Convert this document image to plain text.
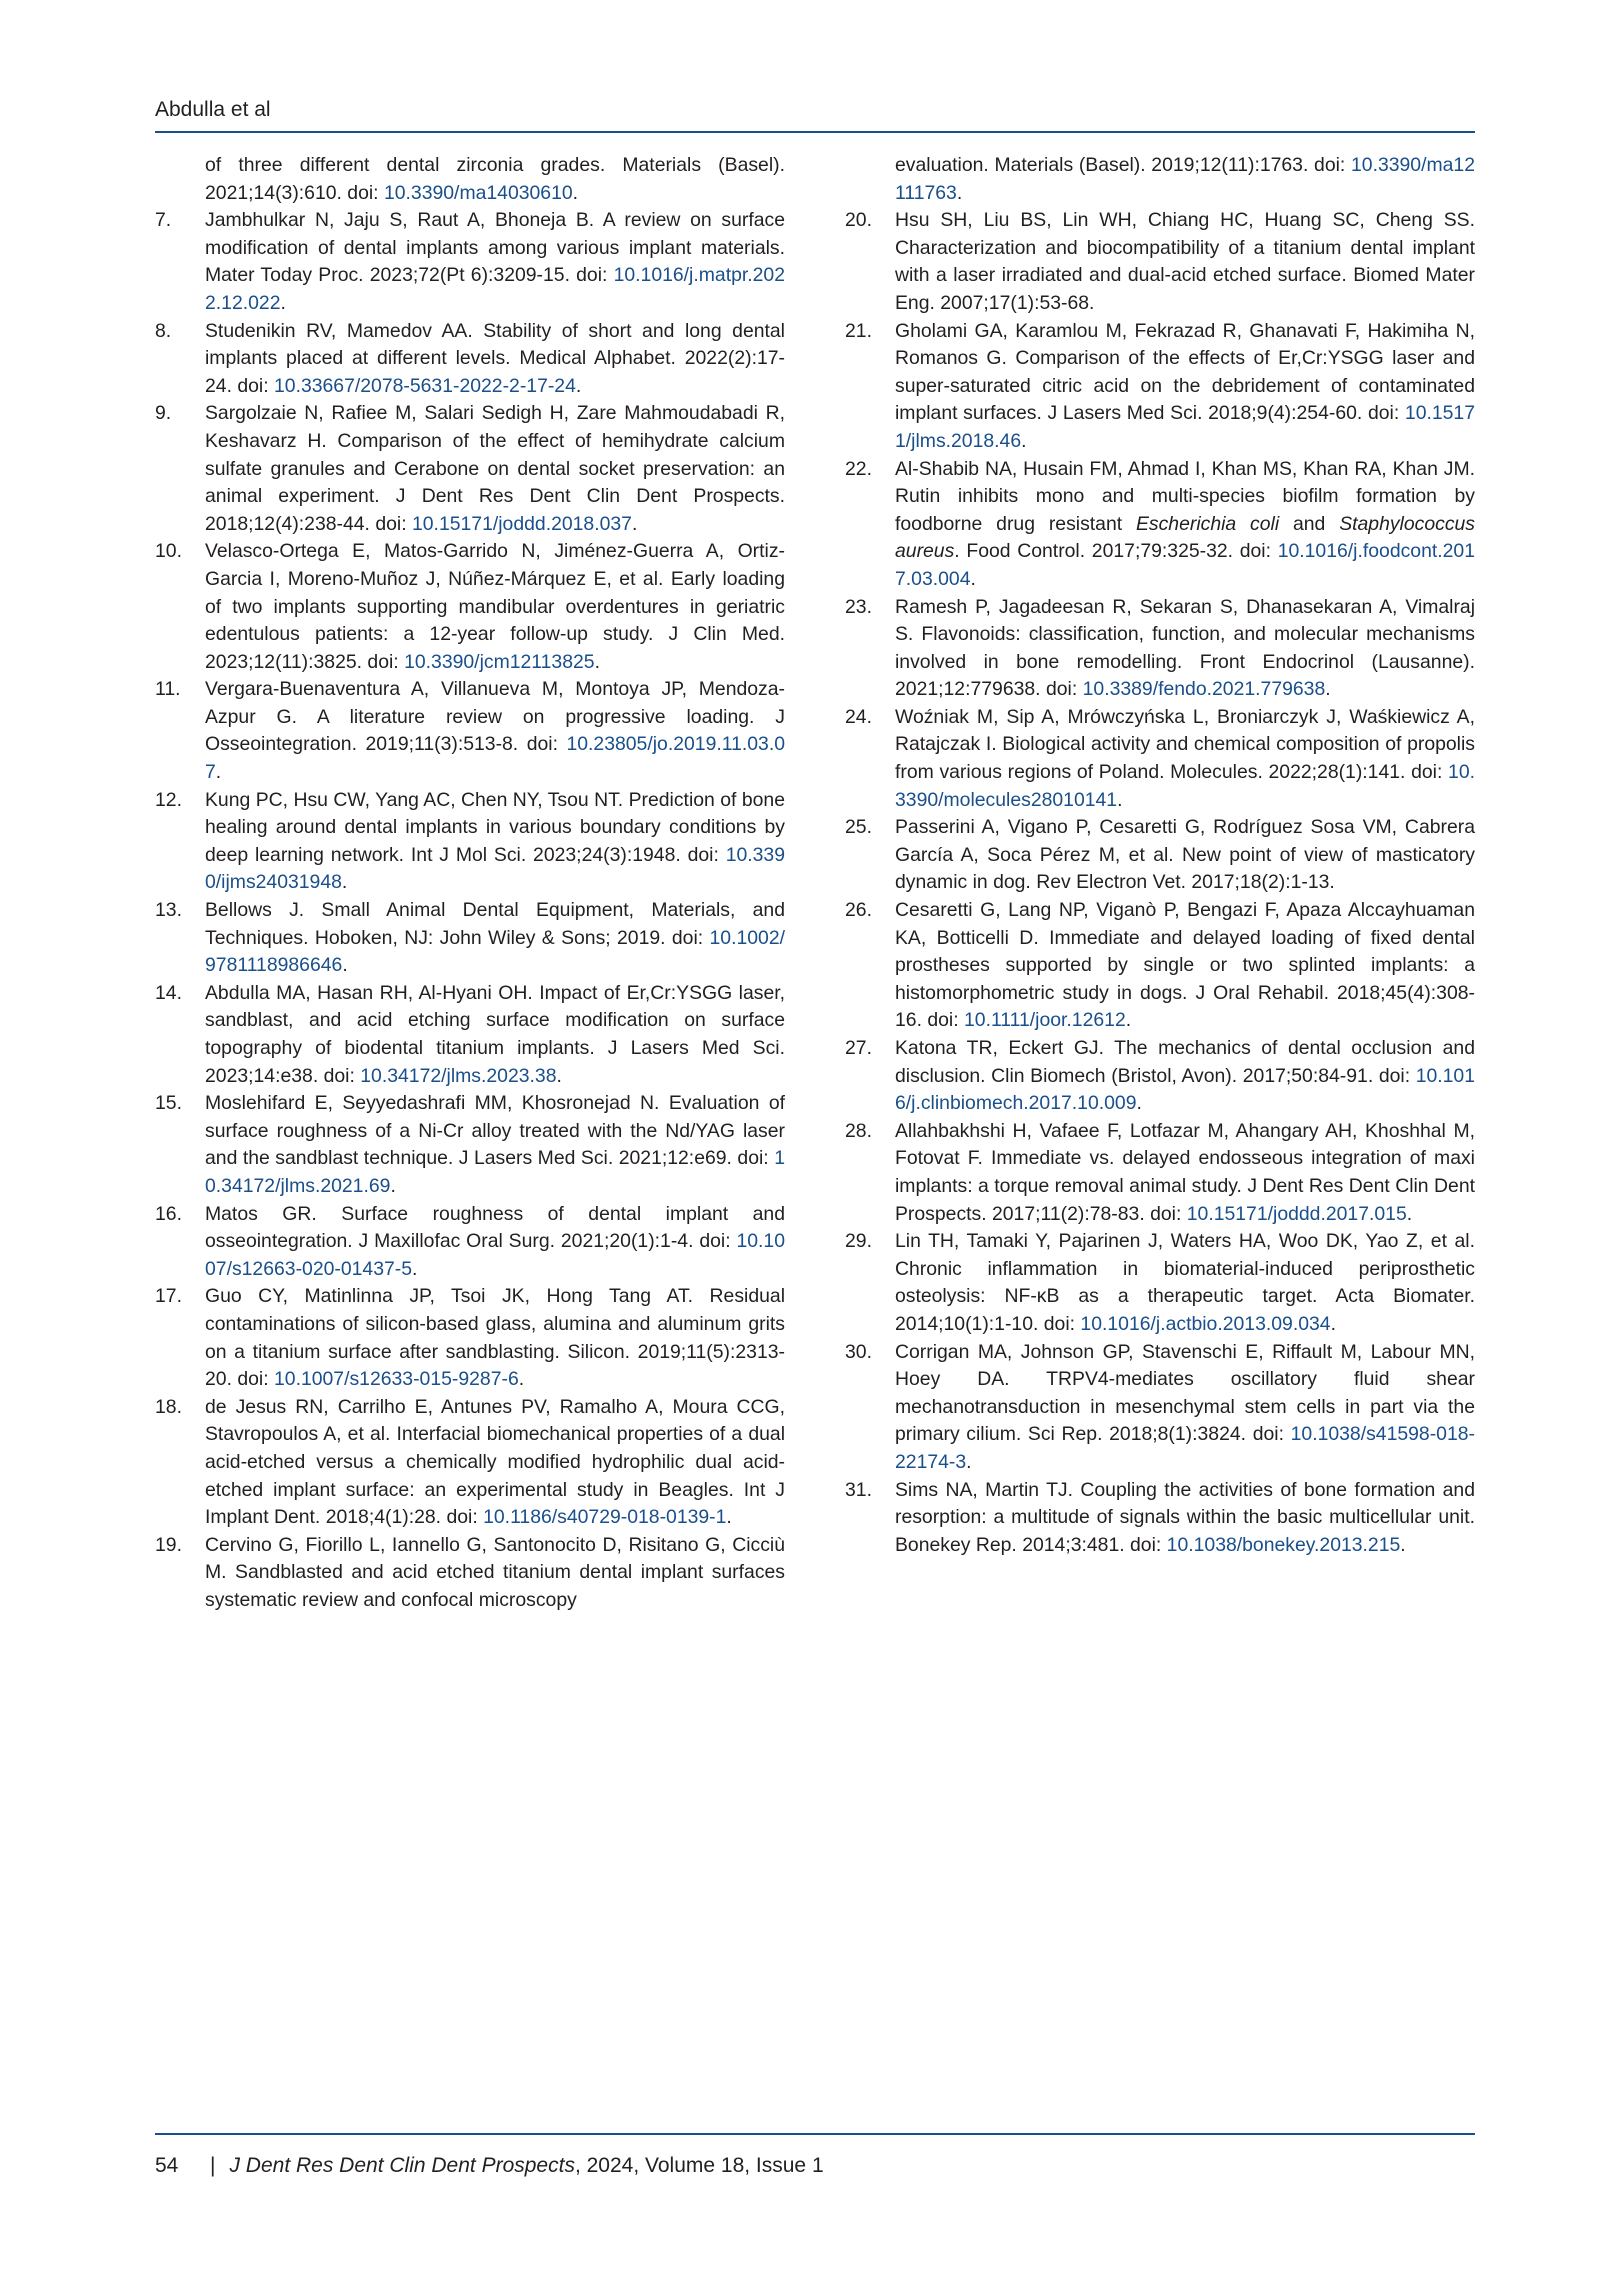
Abdulla et al

of three different dental zirconia grades. Materials (Basel). 2021;14(3):610. doi: 10.3390/ma14030610.

7. Jambhulkar N, Jaju S, Raut A, Bhoneja B. A review on surface modification of dental implants among various implant materials. Mater Today Proc. 2023;72(Pt 6):3209-15. doi: 10.1016/j.matpr.2022.12.022.

8. Studenikin RV, Mamedov AA. Stability of short and long dental implants placed at different levels. Medical Alphabet. 2022(2):17-24. doi: 10.33667/2078-5631-2022-2-17-24.

9. Sargolzaie N, Rafiee M, Salari Sedigh H, Zare Mahmoudabadi R, Keshavarz H. Comparison of the effect of hemihydrate calcium sulfate granules and Cerabone on dental socket preservation: an animal experiment. J Dent Res Dent Clin Dent Prospects. 2018;12(4):238-44. doi: 10.15171/joddd.2018.037.

10. Velasco-Ortega E, Matos-Garrido N, Jiménez-Guerra A, Ortiz-Garcia I, Moreno-Muñoz J, Núñez-Márquez E, et al. Early loading of two implants supporting mandibular overdentures in geriatric edentulous patients: a 12-year follow-up study. J Clin Med. 2023;12(11):3825. doi: 10.3390/jcm12113825.

11. Vergara-Buenaventura A, Villanueva M, Montoya JP, Mendoza-Azpur G. A literature review on progressive loading. J Osseointegration. 2019;11(3):513-8. doi: 10.23805/jo.2019.11.03.07.

12. Kung PC, Hsu CW, Yang AC, Chen NY, Tsou NT. Prediction of bone healing around dental implants in various boundary conditions by deep learning network. Int J Mol Sci. 2023;24(3):1948. doi: 10.3390/ijms24031948.

13. Bellows J. Small Animal Dental Equipment, Materials, and Techniques. Hoboken, NJ: John Wiley & Sons; 2019. doi: 10.1002/9781118986646.

14. Abdulla MA, Hasan RH, Al-Hyani OH. Impact of Er,Cr:YSGG laser, sandblast, and acid etching surface modification on surface topography of biodental titanium implants. J Lasers Med Sci. 2023;14:e38. doi: 10.34172/jlms.2023.38.

15. Moslehifard E, Seyyedashrafi MM, Khosronejad N. Evaluation of surface roughness of a Ni-Cr alloy treated with the Nd/YAG laser and the sandblast technique. J Lasers Med Sci. 2021;12:e69. doi: 10.34172/jlms.2021.69.

16. Matos GR. Surface roughness of dental implant and osseointegration. J Maxillofac Oral Surg. 2021;20(1):1-4. doi: 10.1007/s12663-020-01437-5.

17. Guo CY, Matinlinna JP, Tsoi JK, Hong Tang AT. Residual contaminations of silicon-based glass, alumina and aluminum grits on a titanium surface after sandblasting. Silicon. 2019;11(5):2313-20. doi: 10.1007/s12633-015-9287-6.

18. de Jesus RN, Carrilho E, Antunes PV, Ramalho A, Moura CCG, Stavropoulos A, et al. Interfacial biomechanical properties of a dual acid-etched versus a chemically modified hydrophilic dual acid-etched implant surface: an experimental study in Beagles. Int J Implant Dent. 2018;4(1):28. doi: 10.1186/s40729-018-0139-1.

19. Cervino G, Fiorillo L, Iannello G, Santonocito D, Risitano G, Cicciù M. Sandblasted and acid etched titanium dental implant surfaces systematic review and confocal microscopy

evaluation. Materials (Basel). 2019;12(11):1763. doi: 10.3390/ma12111763.

20. Hsu SH, Liu BS, Lin WH, Chiang HC, Huang SC, Cheng SS. Characterization and biocompatibility of a titanium dental implant with a laser irradiated and dual-acid etched surface. Biomed Mater Eng. 2007;17(1):53-68.

21. Gholami GA, Karamlou M, Fekrazad R, Ghanavati F, Hakimiha N, Romanos G. Comparison of the effects of Er,Cr:YSGG laser and super-saturated citric acid on the debridement of contaminated implant surfaces. J Lasers Med Sci. 2018;9(4):254-60. doi: 10.15171/jlms.2018.46.

22. Al-Shabib NA, Husain FM, Ahmad I, Khan MS, Khan RA, Khan JM. Rutin inhibits mono and multi-species biofilm formation by foodborne drug resistant Escherichia coli and Staphylococcus aureus. Food Control. 2017;79:325-32. doi: 10.1016/j.foodcont.2017.03.004.

23. Ramesh P, Jagadeesan R, Sekaran S, Dhanasekaran A, Vimalraj S. Flavonoids: classification, function, and molecular mechanisms involved in bone remodelling. Front Endocrinol (Lausanne). 2021;12:779638. doi: 10.3389/fendo.2021.779638.

24. Woźniak M, Sip A, Mrówczyńska L, Broniarczyk J, Waśkiewicz A, Ratajczak I. Biological activity and chemical composition of propolis from various regions of Poland. Molecules. 2022;28(1):141. doi: 10.3390/molecules28010141.

25. Passerini A, Vigano P, Cesaretti G, Rodríguez Sosa VM, Cabrera García A, Soca Pérez M, et al. New point of view of masticatory dynamic in dog. Rev Electron Vet. 2017;18(2):1-13.

26. Cesaretti G, Lang NP, Viganò P, Bengazi F, Apaza Alccayhuaman KA, Botticelli D. Immediate and delayed loading of fixed dental prostheses supported by single or two splinted implants: a histomorphometric study in dogs. J Oral Rehabil. 2018;45(4):308-16. doi: 10.1111/joor.12612.

27. Katona TR, Eckert GJ. The mechanics of dental occlusion and disclusion. Clin Biomech (Bristol, Avon). 2017;50:84-91. doi: 10.1016/j.clinbiomech.2017.10.009.

28. Allahbakhshi H, Vafaee F, Lotfazar M, Ahangary AH, Khoshhal M, Fotovat F. Immediate vs. delayed endosseous integration of maxi implants: a torque removal animal study. J Dent Res Dent Clin Dent Prospects. 2017;11(2):78-83. doi: 10.15171/joddd.2017.015.

29. Lin TH, Tamaki Y, Pajarinen J, Waters HA, Woo DK, Yao Z, et al. Chronic inflammation in biomaterial-induced periprosthetic osteolysis: NF-κB as a therapeutic target. Acta Biomater. 2014;10(1):1-10. doi: 10.1016/j.actbio.2013.09.034.

30. Corrigan MA, Johnson GP, Stavenschi E, Riffault M, Labour MN, Hoey DA. TRPV4-mediates oscillatory fluid shear mechanotransduction in mesenchymal stem cells in part via the primary cilium. Sci Rep. 2018;8(1):3824. doi: 10.1038/s41598-018-22174-3.

31. Sims NA, Martin TJ. Coupling the activities of bone formation and resorption: a multitude of signals within the basic multicellular unit. Bonekey Rep. 2014;3:481. doi: 10.1038/bonekey.2013.215.

54 | J Dent Res Dent Clin Dent Prospects, 2024, Volume 18, Issue 1
